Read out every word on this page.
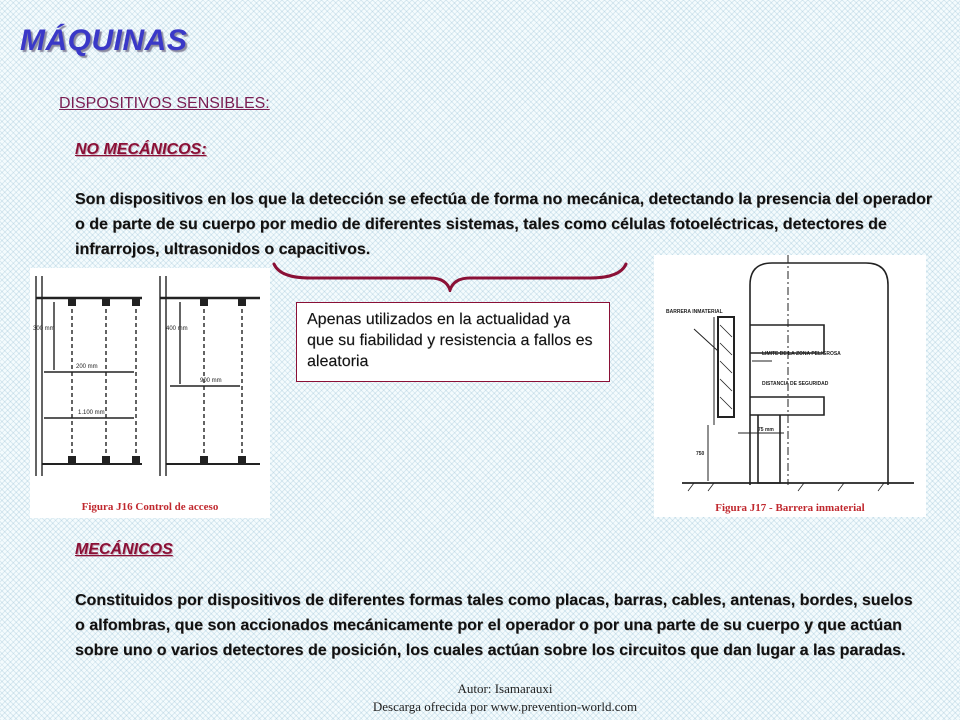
MÁQUINAS
DISPOSITIVOS SENSIBLES:
NO MECÁNICOS:
Son dispositivos en los que la detección se efectúa de forma no mecánica, detectando la presencia del operador o de parte de su cuerpo por medio de diferentes sistemas, tales como células fotoeléctricas, detectores de infrarrojos, ultrasonidos o capacitivos.
Apenas utilizados en la actualidad ya que su fiabilidad y resistencia a fallos es aleatoria
300 mm
200 mm
1.100 mm
400 mm
900 mm
Figura J16 Control de acceso
BARRERA INMATERIAL
LIMITE DE LA ZONA PELIGROSA
DISTANCIA DE SEGURIDAD
75 mm
750
Figura J17 - Barrera inmaterial
MECÁNICOS
Constituidos por dispositivos de diferentes formas tales como placas, barras, cables, antenas, bordes, suelos o alfombras, que son accionados mecánicamente por el operador o por una parte de su cuerpo y que actúan sobre uno o varios detectores de posición, los cuales actúan sobre los circuitos que dan lugar a las paradas.
Autor: Isamarauxi
Descarga ofrecida por www.prevention-world.com
